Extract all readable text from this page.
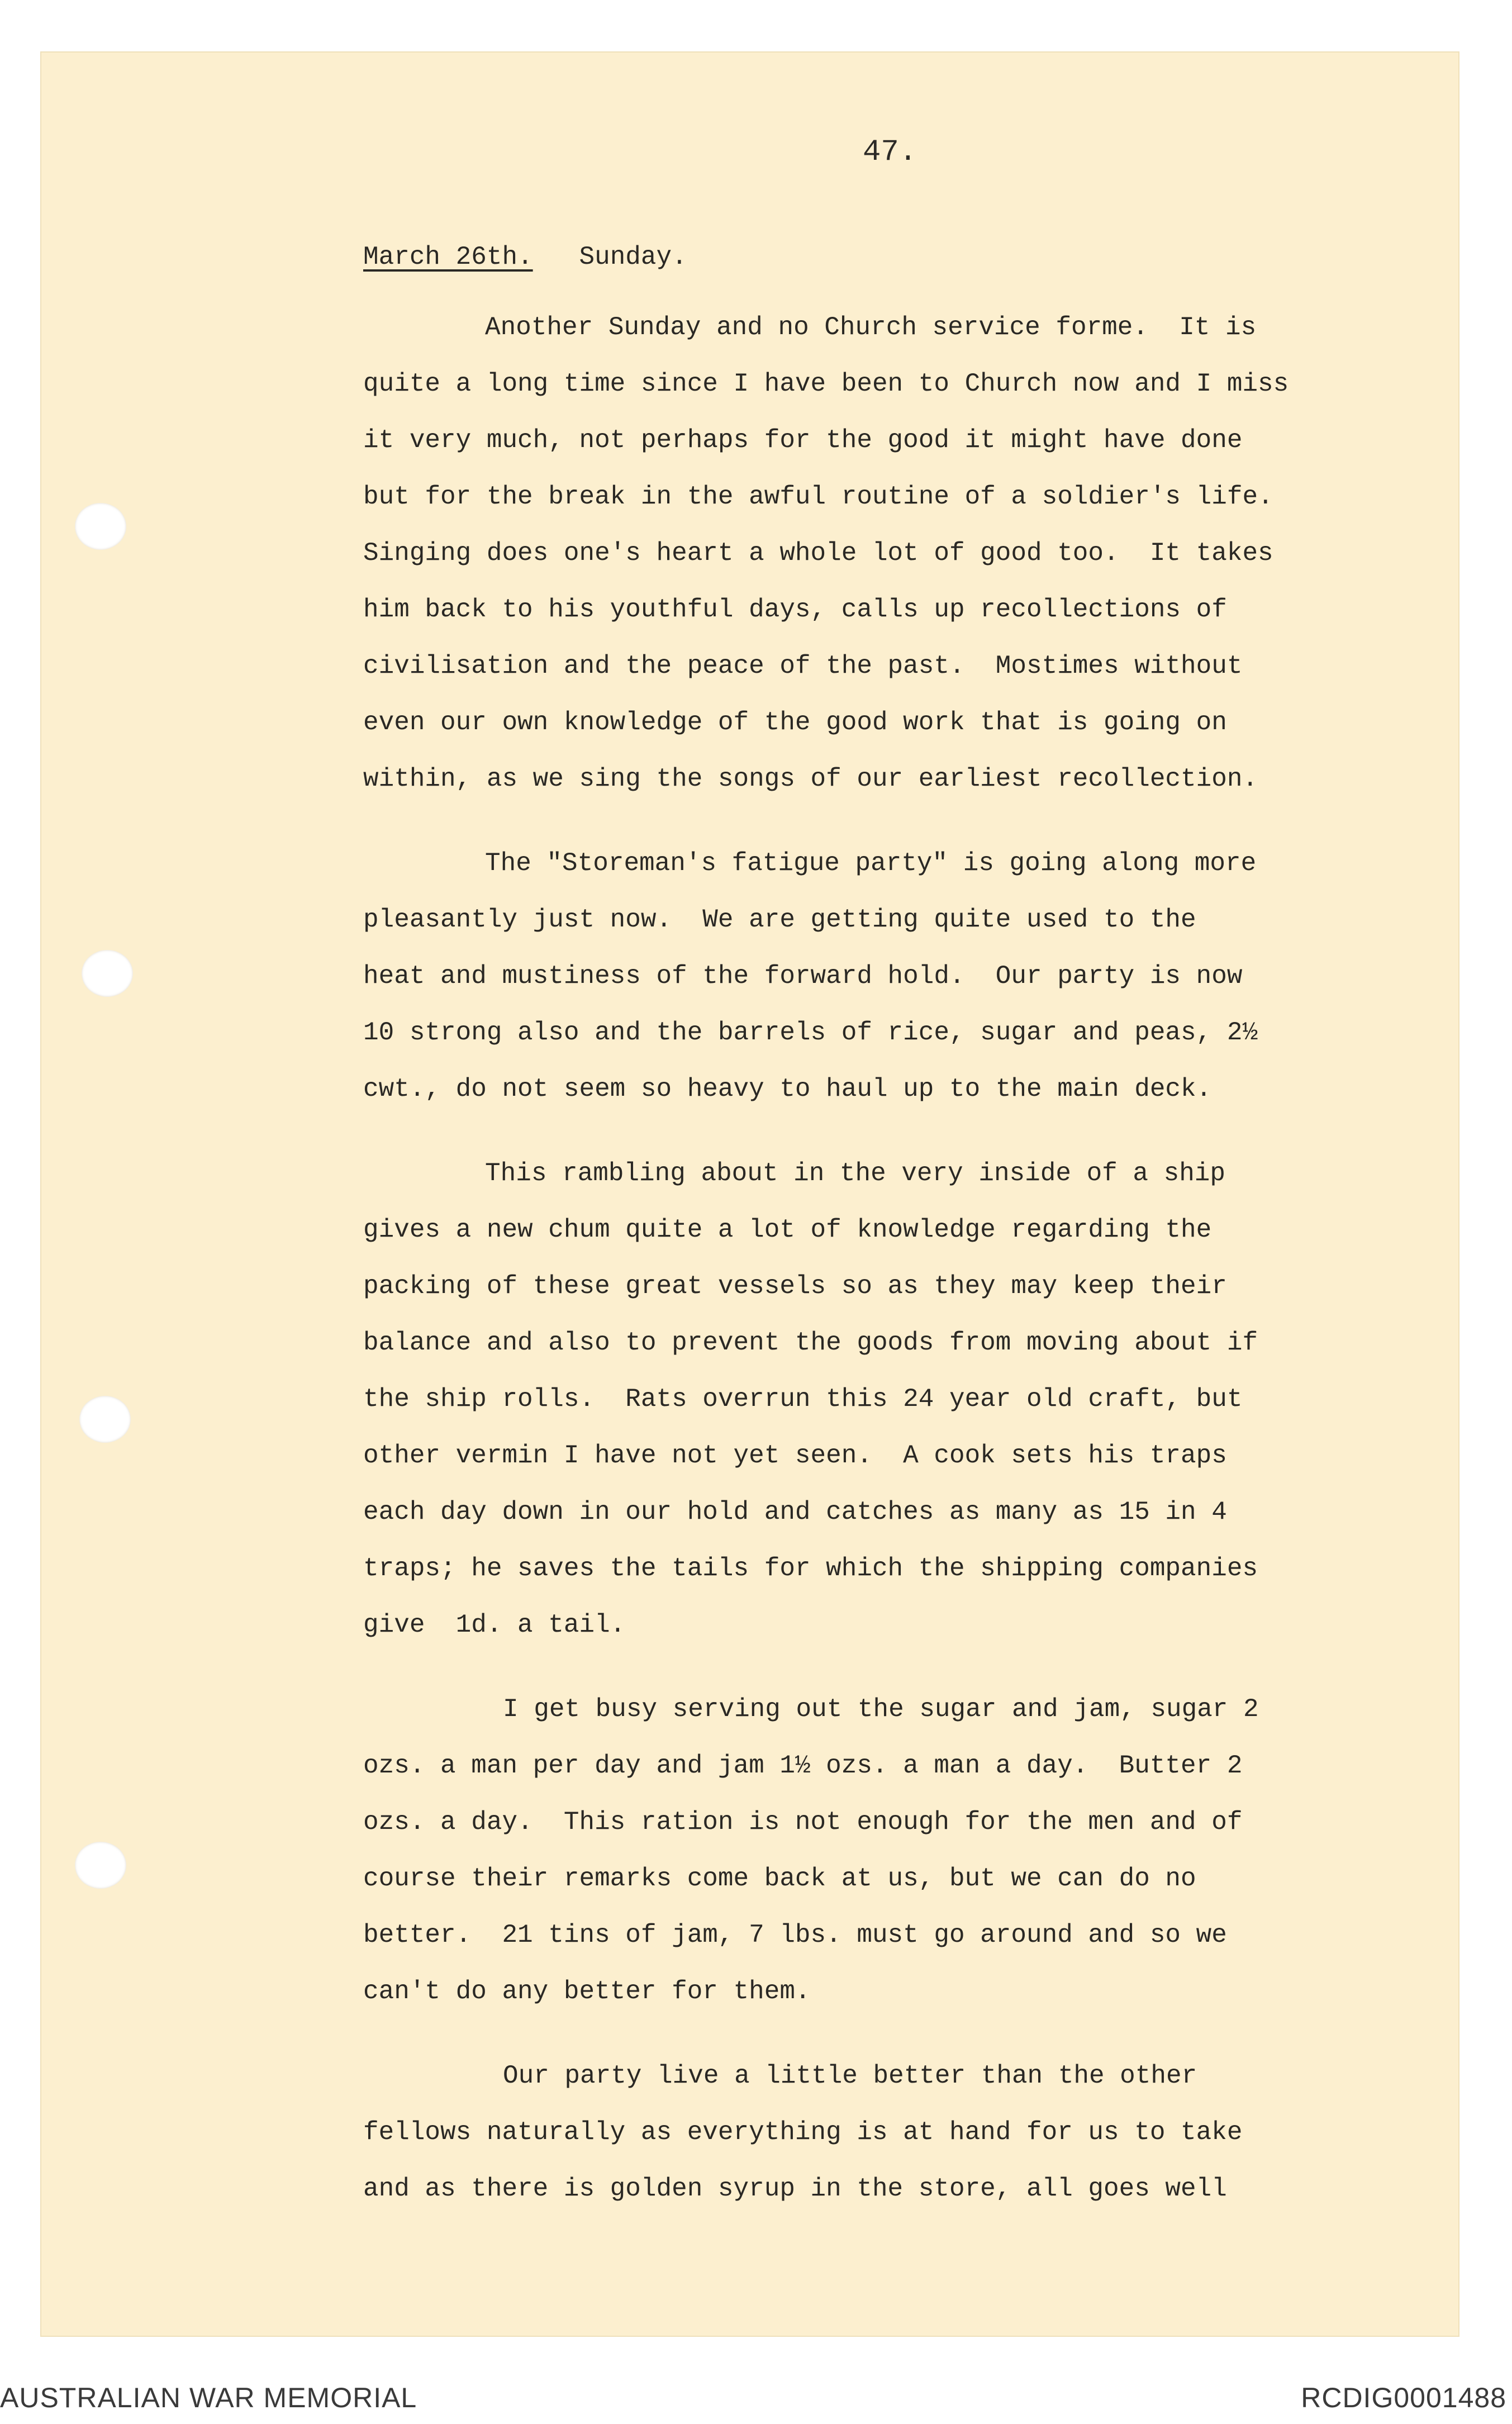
47.
March 26th. Sunday.
Another Sunday and no Church service forme.  It is
quite a long time since I have been to Church now and I miss
it very much, not perhaps for the good it might have done
but for the break in the awful routine of a soldier's life.
Singing does one's heart a whole lot of good too.  It takes
him back to his youthful days, calls up recollections of
civilisation and the peace of the past.  Mostimes without
even our own knowledge of the good work that is going on
within, as we sing the songs of our earliest recollection.
The "Storeman's fatigue party" is going along more
pleasantly just now.  We are getting quite used to the
heat and mustiness of the forward hold.  Our party is now
10 strong also and the barrels of rice, sugar and peas, 2½
cwt., do not seem so heavy to haul up to the main deck.
This rambling about in the very inside of a ship
gives a new chum quite a lot of knowledge regarding the
packing of these great vessels so as they may keep their
balance and also to prevent the goods from moving about if
the ship rolls.  Rats overrun this 24 year old craft, but
other vermin I have not yet seen.  A cook sets his traps
each day down in our hold and catches as many as 15 in 4
traps; he saves the tails for which the shipping companies
give  1d. a tail.
I get busy serving out the sugar and jam, sugar 2
ozs. a man per day and jam 1½ ozs. a man a day.  Butter 2
ozs. a day.  This ration is not enough for the men and of
course their remarks come back at us, but we can do no
better.  21 tins of jam, 7 lbs. must go around and so we
can't do any better for them.
Our party live a little better than the other
fellows naturally as everything is at hand for us to take
and as there is golden syrup in the store, all goes well
AUSTRALIAN WAR MEMORIAL	RCDIG0001488
